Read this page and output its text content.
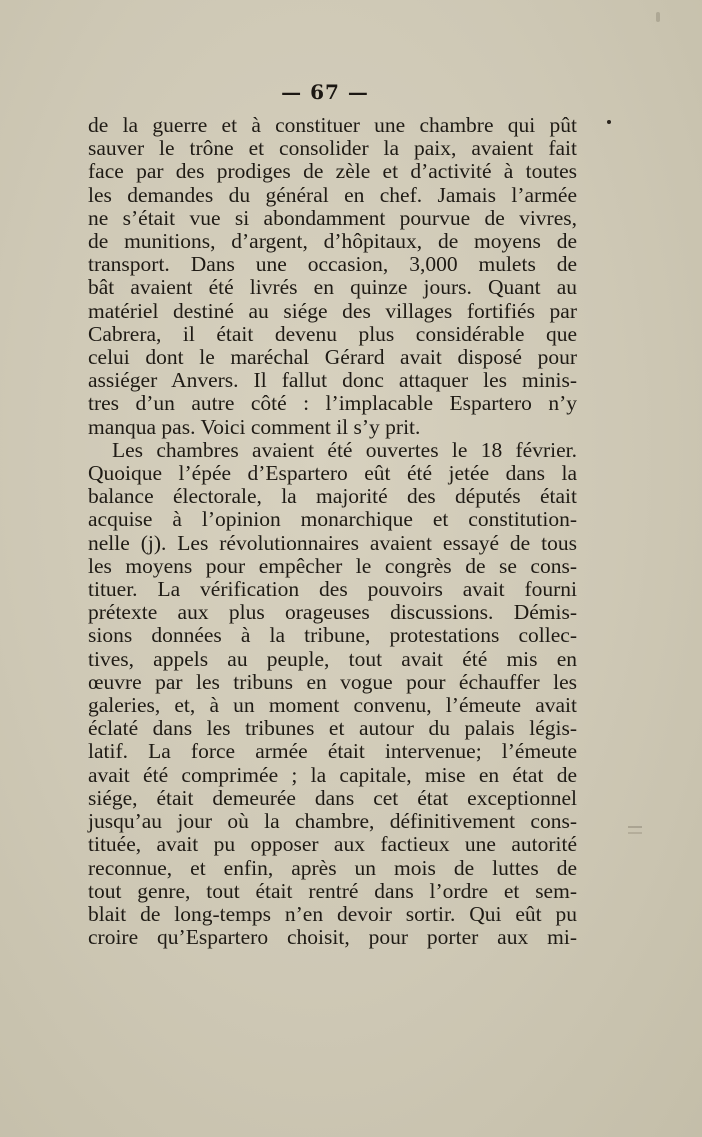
— 67 —
de la guerre et à constituer une chambre qui pût
sauver le trône et consolider la paix, avaient fait
face par des prodiges de zèle et d’activité à toutes
les demandes du général en chef. Jamais l’armée
ne s’était vue si abondamment pourvue de vivres,
de munitions, d’argent, d’hôpitaux, de moyens de
transport. Dans une occasion, 3,000 mulets de
bât avaient été livrés en quinze jours. Quant au
matériel destiné au siége des villages fortifiés par
Cabrera, il était devenu plus considérable que
celui dont le maréchal Gérard avait disposé pour
assiéger Anvers. Il fallut donc attaquer les minis-
tres d’un autre côté : l’implacable Espartero n’y
manqua pas. Voici comment il s’y prit.
Les chambres avaient été ouvertes le 18 février.
Quoique l’épée d’Espartero eût été jetée dans la
balance électorale, la majorité des députés était
acquise à l’opinion monarchique et constitution-
nelle (j). Les révolutionnaires avaient essayé de tous
les moyens pour empêcher le congrès de se cons-
tituer. La vérification des pouvoirs avait fourni
prétexte aux plus orageuses discussions. Démis-
sions données à la tribune, protestations collec-
tives, appels au peuple, tout avait été mis en
œuvre par les tribuns en vogue pour échauffer les
galeries, et, à un moment convenu, l’émeute avait
éclaté dans les tribunes et autour du palais légis-
latif. La force armée était intervenue; l’émeute
avait été comprimée ; la capitale, mise en état de
siége, était demeurée dans cet état exceptionnel
jusqu’au jour où la chambre, définitivement cons-
tituée, avait pu opposer aux factieux une autorité
reconnue, et enfin, après un mois de luttes de
tout genre, tout était rentré dans l’ordre et sem-
blait de long-temps n’en devoir sortir. Qui eût pu
croire qu’Espartero choisit, pour porter aux mi-
